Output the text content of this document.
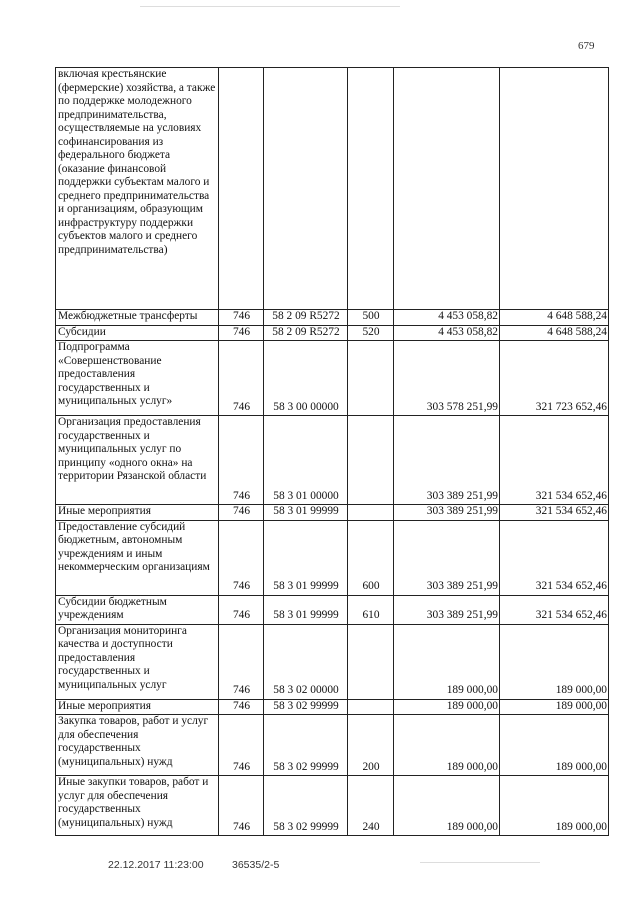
679
включая крестьянские (фермерские) хозяйства, а также по поддержке молодежного предпринимательства, осуществляемые на условиях софинансирования из федерального бюджета (оказание финансовой поддержки субъектам малого и среднего предпринимательства и организациям, образующим инфраструктуру поддержки субъектов малого и среднего предпринимательства)					
Межбюджетные трансферты	746	58 2 09 R5272	500	4 453 058,82	4 648 588,24
Субсидии	746	58 2 09 R5272	520	4 453 058,82	4 648 588,24
Подпрограмма «Совершенствование предоставления государственных и муниципальных услуг»	746	58 3 00 00000		303 578 251,99	321 723 652,46
Организация предоставления государственных и муниципальных услуг по принципу «одного окна» на территории Рязанской области	746	58 3 01 00000		303 389 251,99	321 534 652,46
Иные мероприятия	746	58 3 01 99999		303 389 251,99	321 534 652,46
Предоставление субсидий бюджетным, автономным учреждениям и иным некоммерческим организациям	746	58 3 01 99999	600	303 389 251,99	321 534 652,46
Субсидии бюджетным учреждениям	746	58 3 01 99999	610	303 389 251,99	321 534 652,46
Организация мониторинга качества и доступности предоставления государственных и муниципальных услуг	746	58 3 02 00000		189 000,00	189 000,00
Иные мероприятия	746	58 3 02 99999		189 000,00	189 000,00
Закупка товаров, работ и услуг для обеспечения государственных (муниципальных) нужд	746	58 3 02 99999	200	189 000,00	189 000,00
Иные закупки товаров, работ и услуг для обеспечения государственных (муниципальных) нужд	746	58 3 02 99999	240	189 000,00	189 000,00
22.12.2017 11:23:00	36535/2-5
